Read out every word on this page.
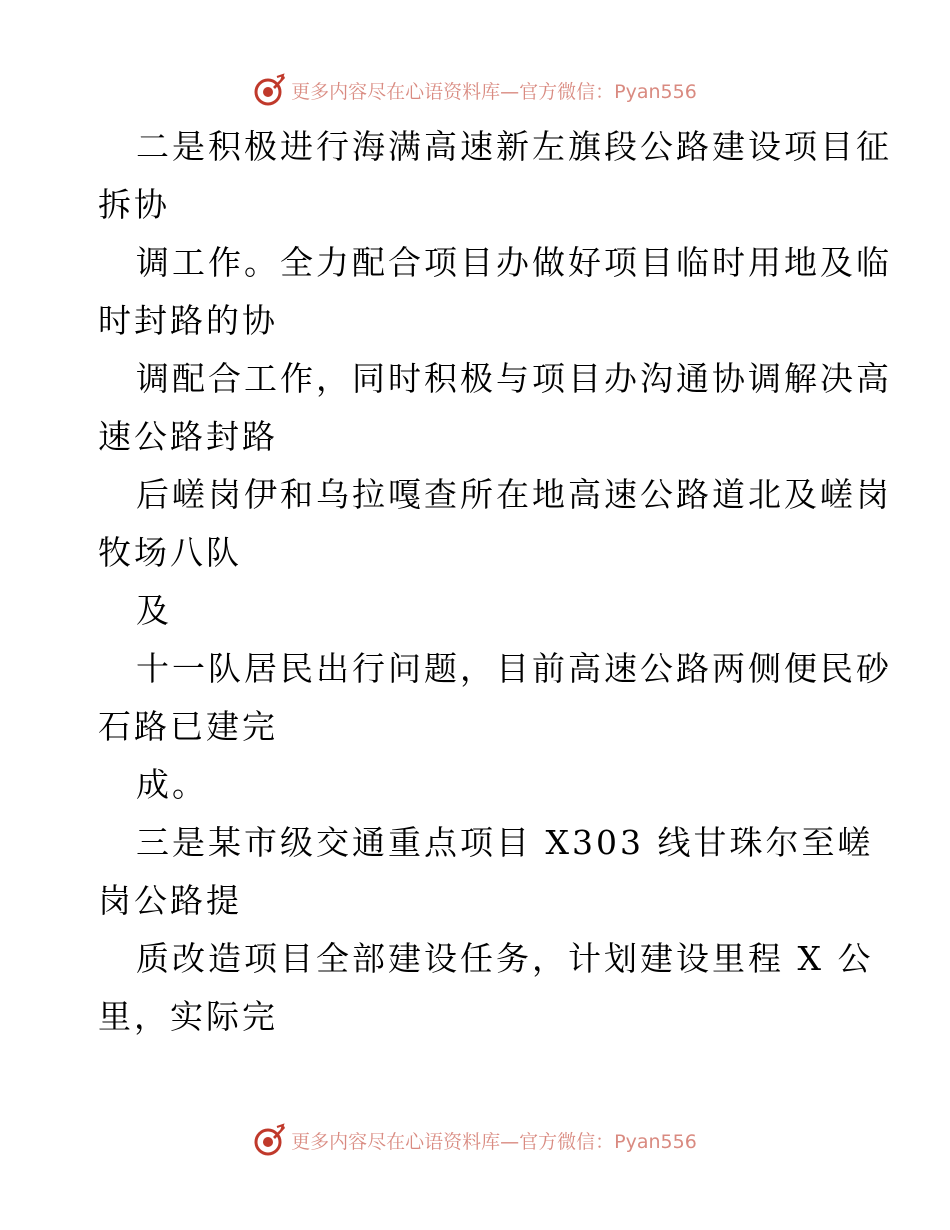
更多内容尽在心语资料库—官方微信：Pyan556

二是积极进行海满高速新左旗段公路建设项目征

拆协

调工作。全力配合项目办做好项目临时用地及临

时封路的协

调配合工作，同时积极与项目办沟通协调解决高

速公路封路

后嵯岗伊和乌拉嘎查所在地高速公路道北及嵯岗

牧场八队

及

十一队居民出行问题，目前高速公路两侧便民砂

石路已建完

成。

三是某市级交通重点项目 X303 线甘珠尔至嵯

岗公路提

质改造项目全部建设任务，计划建设里程 X 公

里，实际完

更多内容尽在心语资料库—官方微信：Pyan556
